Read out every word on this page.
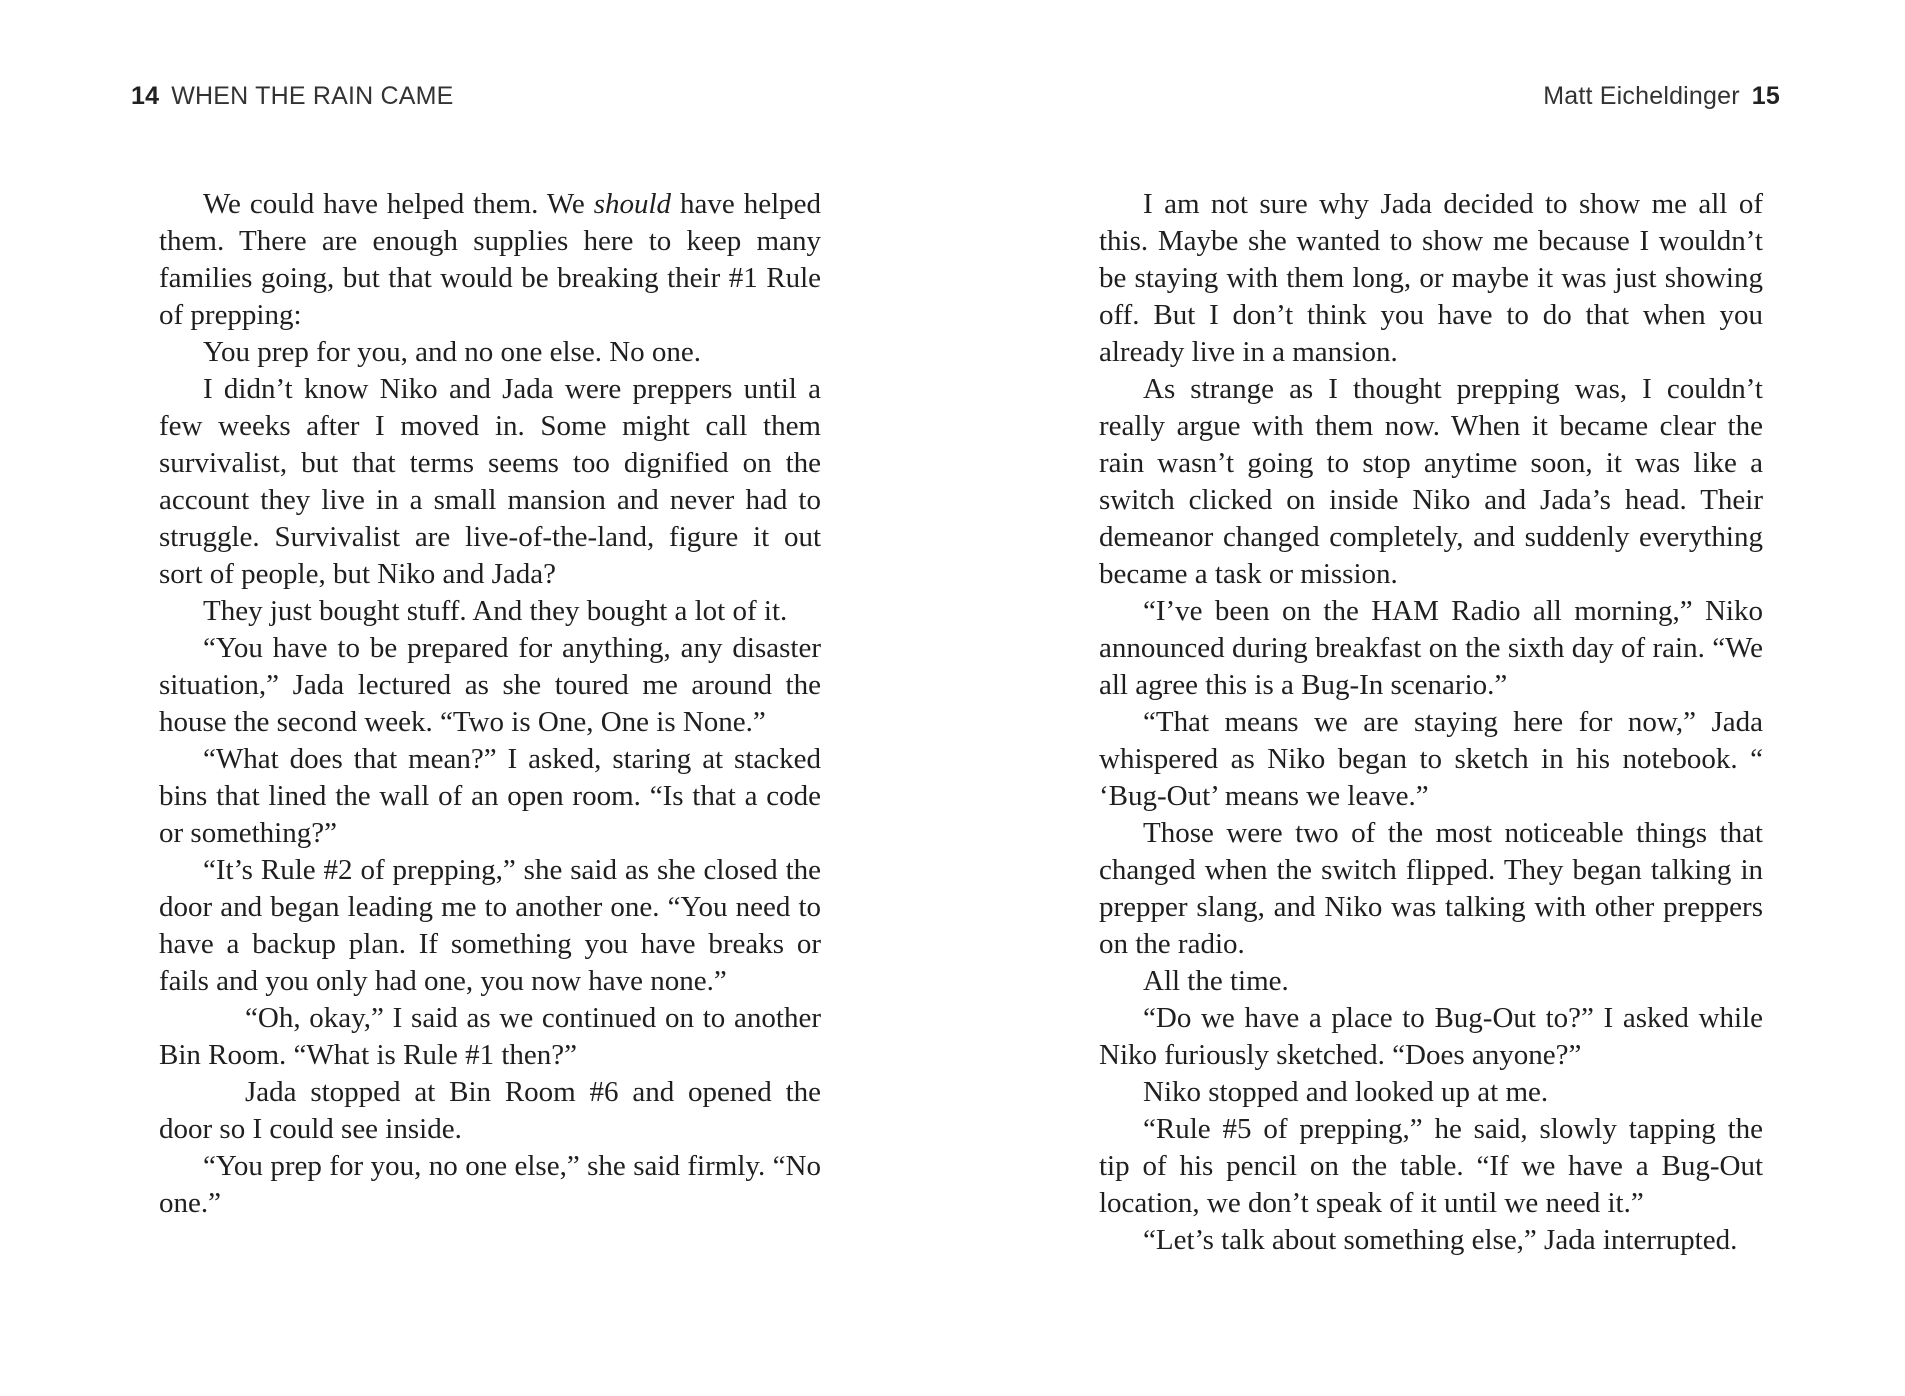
14 WHEN THE RAIN CAME

We could have helped them. We should have helped them. There are enough supplies here to keep many families going, but that would be breaking their #1 Rule of prepping:

You prep for you, and no one else. No one.

I didn’t know Niko and Jada were preppers until a few weeks after I moved in. Some might call them survivalist, but that terms seems too dignified on the account they live in a small mansion and never had to struggle. Survivalist are live-of-the-land, figure it out sort of people, but Niko and Jada?

They just bought stuff. And they bought a lot of it.

“You have to be prepared for anything, any disaster situation,” Jada lectured as she toured me around the house the second week. “Two is One, One is None.”

“What does that mean?” I asked, staring at stacked bins that lined the wall of an open room. “Is that a code or something?”

“It’s Rule #2 of prepping,” she said as she closed the door and began leading me to another one. “You need to have a backup plan. If something you have breaks or fails and you only had one, you now have none.”

“Oh, okay,” I said as we continued on to another Bin Room. “What is Rule #1 then?”

Jada stopped at Bin Room #6 and opened the door so I could see inside.

“You prep for you, no one else,” she said firmly. “No one.”

Matt Eicheldinger 15

I am not sure why Jada decided to show me all of this. Maybe she wanted to show me because I wouldn’t be staying with them long, or maybe it was just showing off. But I don’t think you have to do that when you already live in a mansion.

As strange as I thought prepping was, I couldn’t really argue with them now. When it became clear the rain wasn’t going to stop anytime soon, it was like a switch clicked on inside Niko and Jada’s head. Their demeanor changed completely, and suddenly everything became a task or mission.

“I’ve been on the HAM Radio all morning,” Niko announced during breakfast on the sixth day of rain. “We all agree this is a Bug-In scenario.”

“That means we are staying here for now,” Jada whispered as Niko began to sketch in his notebook. “ ‘Bug-Out’ means we leave.”

Those were two of the most noticeable things that changed when the switch flipped. They began talking in prepper slang, and Niko was talking with other preppers on the radio.

All the time.

“Do we have a place to Bug-Out to?” I asked while Niko furiously sketched. “Does anyone?”

Niko stopped and looked up at me.

“Rule #5 of prepping,” he said, slowly tapping the tip of his pencil on the table. “If we have a Bug-Out location, we don’t speak of it until we need it.”

“Let’s talk about something else,” Jada interrupted.
